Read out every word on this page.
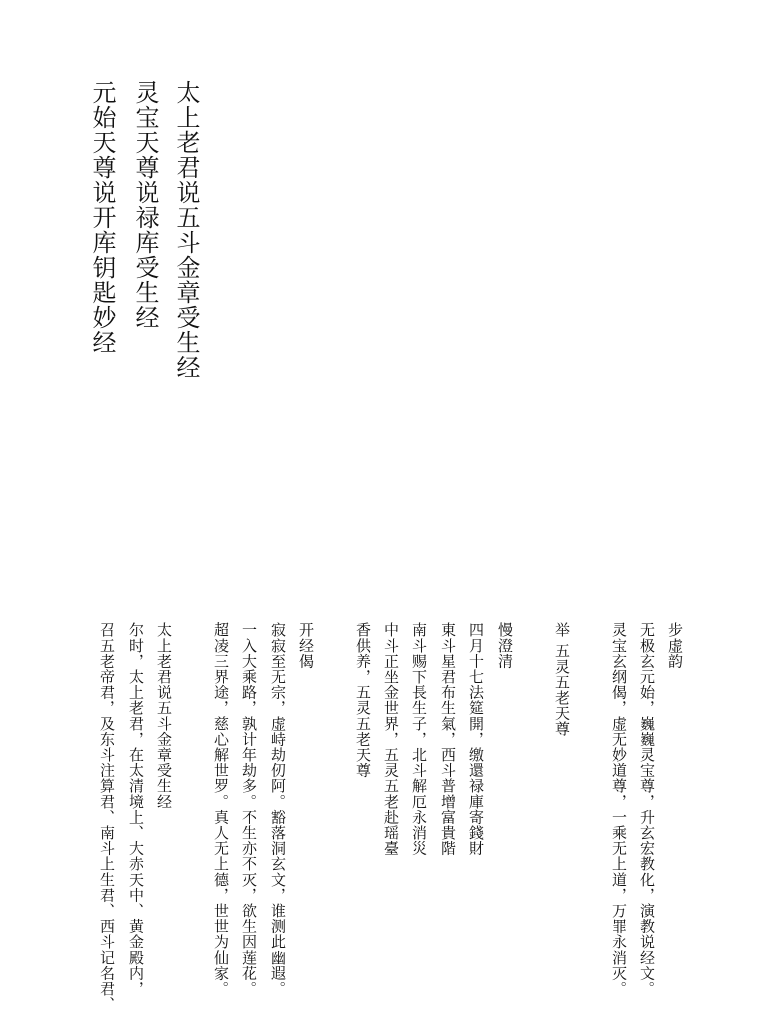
太上老君说五斗金章受生经
灵宝天尊说禄库受生经
元始天尊说开库钥匙妙经
步虚韵
无极玄元始，巍巍灵宝尊，升玄宏教化，演教说经文。
灵宝玄纲偈，虚无妙道尊，一乘无上道，万罪永消灭。
举 五灵五老天尊
慢澄清
四月十七法筵開，缴還禄庫寄錢財
東斗星君布生氣，西斗普增富貴階
南斗赐下長生子，北斗解厄永消災
中斗正坐金世界，五灵五老赴瑶臺
香供养，五灵五老天尊
开经偈
寂寂至无宗，虚峙劫仞阿。豁落洞玄文，谁测此幽遐。
一入大乘路，孰计年劫多。不生亦不灭，欲生因莲花。
超凌三界途，慈心解世罗。真人无上德，世世为仙家。
太上老君说五斗金章受生经
尔时，太上老君，在太清境上、大赤天中、黄金殿内，
召五老帝君，及东斗注算君、南斗上生君、西斗记名君、
